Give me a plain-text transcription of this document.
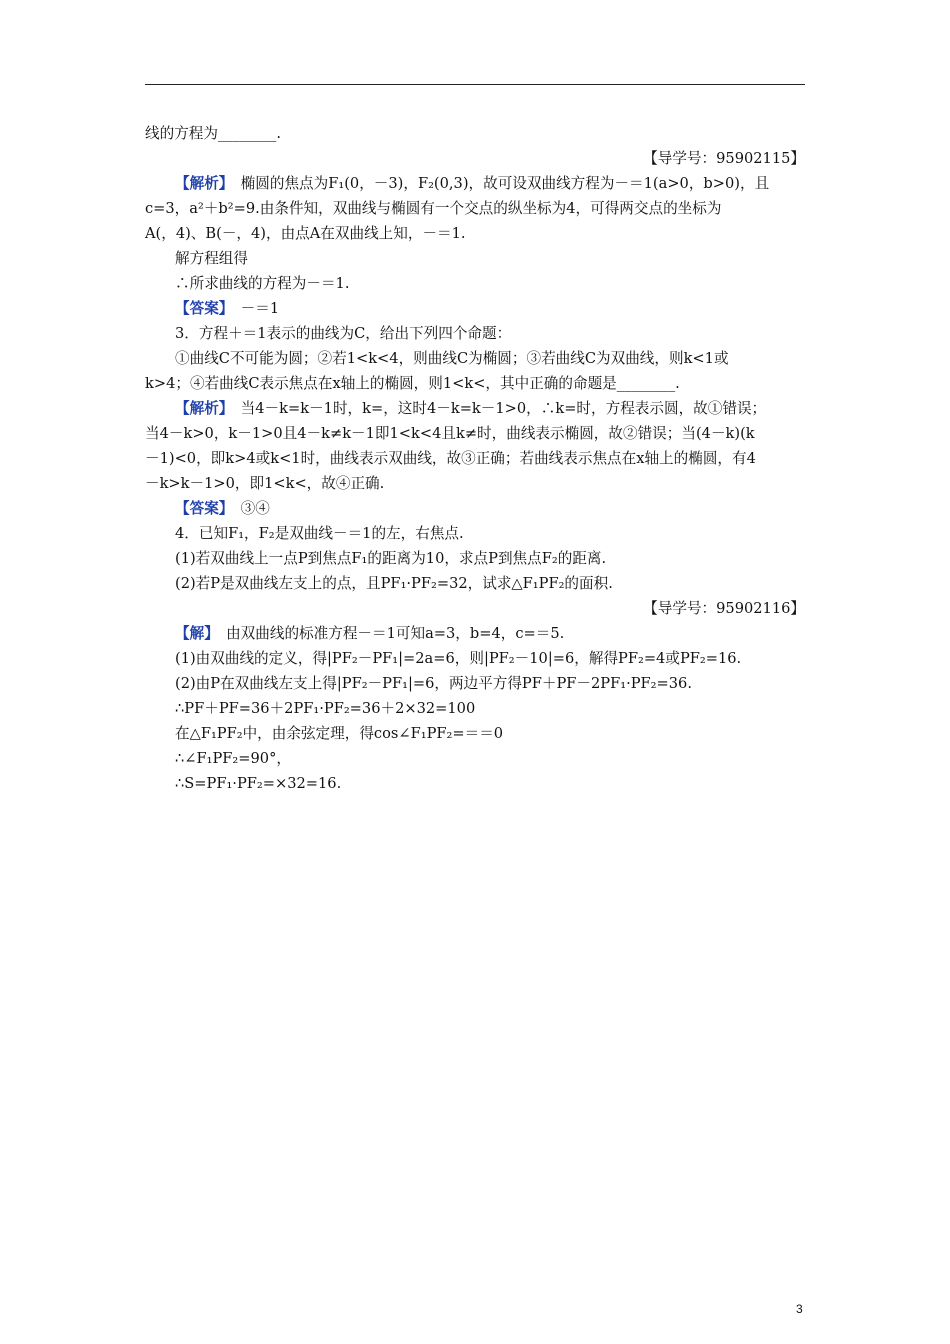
线的方程为________.
【导学号：95902115】
【解析】　椭圆的焦点为F₁(0，－3)，F₂(0,3)，故可设双曲线方程为－＝1(a>0，b>0)，且
c=3，a²＋b²=9.由条件知，双曲线与椭圆有一个交点的纵坐标为4，可得两交点的坐标为
A(，4)、B(－，4)，由点A在双曲线上知，－＝1.
解方程组得
∴所求曲线的方程为－＝1.
【答案】　－＝1
3．方程＋＝1表示的曲线为C，给出下列四个命题：
①曲线C不可能为圆；②若1<k<4，则曲线C为椭圆；③若曲线C为双曲线，则k<1或
k>4；④若曲线C表示焦点在x轴上的椭圆，则1<k<，其中正确的命题是________.
【解析】　当4－k=k－1时，k=，这时4－k=k－1>0，∴k=时，方程表示圆，故①错误；
当4－k>0，k－1>0且4－k≠k－1即1<k<4且k≠时，曲线表示椭圆，故②错误；当(4－k)(k
－1)<0，即k>4或k<1时，曲线表示双曲线，故③正确；若曲线表示焦点在x轴上的椭圆，有4
－k>k－1>0，即1<k<，故④正确.
【答案】　③④
4．已知F₁，F₂是双曲线－＝1的左，右焦点.
(1)若双曲线上一点P到焦点F₁的距离为10，求点P到焦点F₂的距离.
(2)若P是双曲线左支上的点，且PF₁·PF₂=32，试求△F₁PF₂的面积.
【导学号：95902116】
【解】　由双曲线的标准方程－＝1可知a=3，b=4，c=＝5.
(1)由双曲线的定义，得|PF₂－PF₁|=2a=6，则|PF₂－10|=6，解得PF₂=4或PF₂=16.
(2)由P在双曲线左支上得|PF₂－PF₁|=6，两边平方得PF＋PF－2PF₁·PF₂=36.
∴PF＋PF=36＋2PF₁·PF₂=36＋2×32=100
在△F₁PF₂中，由余弦定理，得cos∠F₁PF₂=＝＝0
∴∠F₁PF₂=90°，
∴S=PF₁·PF₂=×32=16.
3
